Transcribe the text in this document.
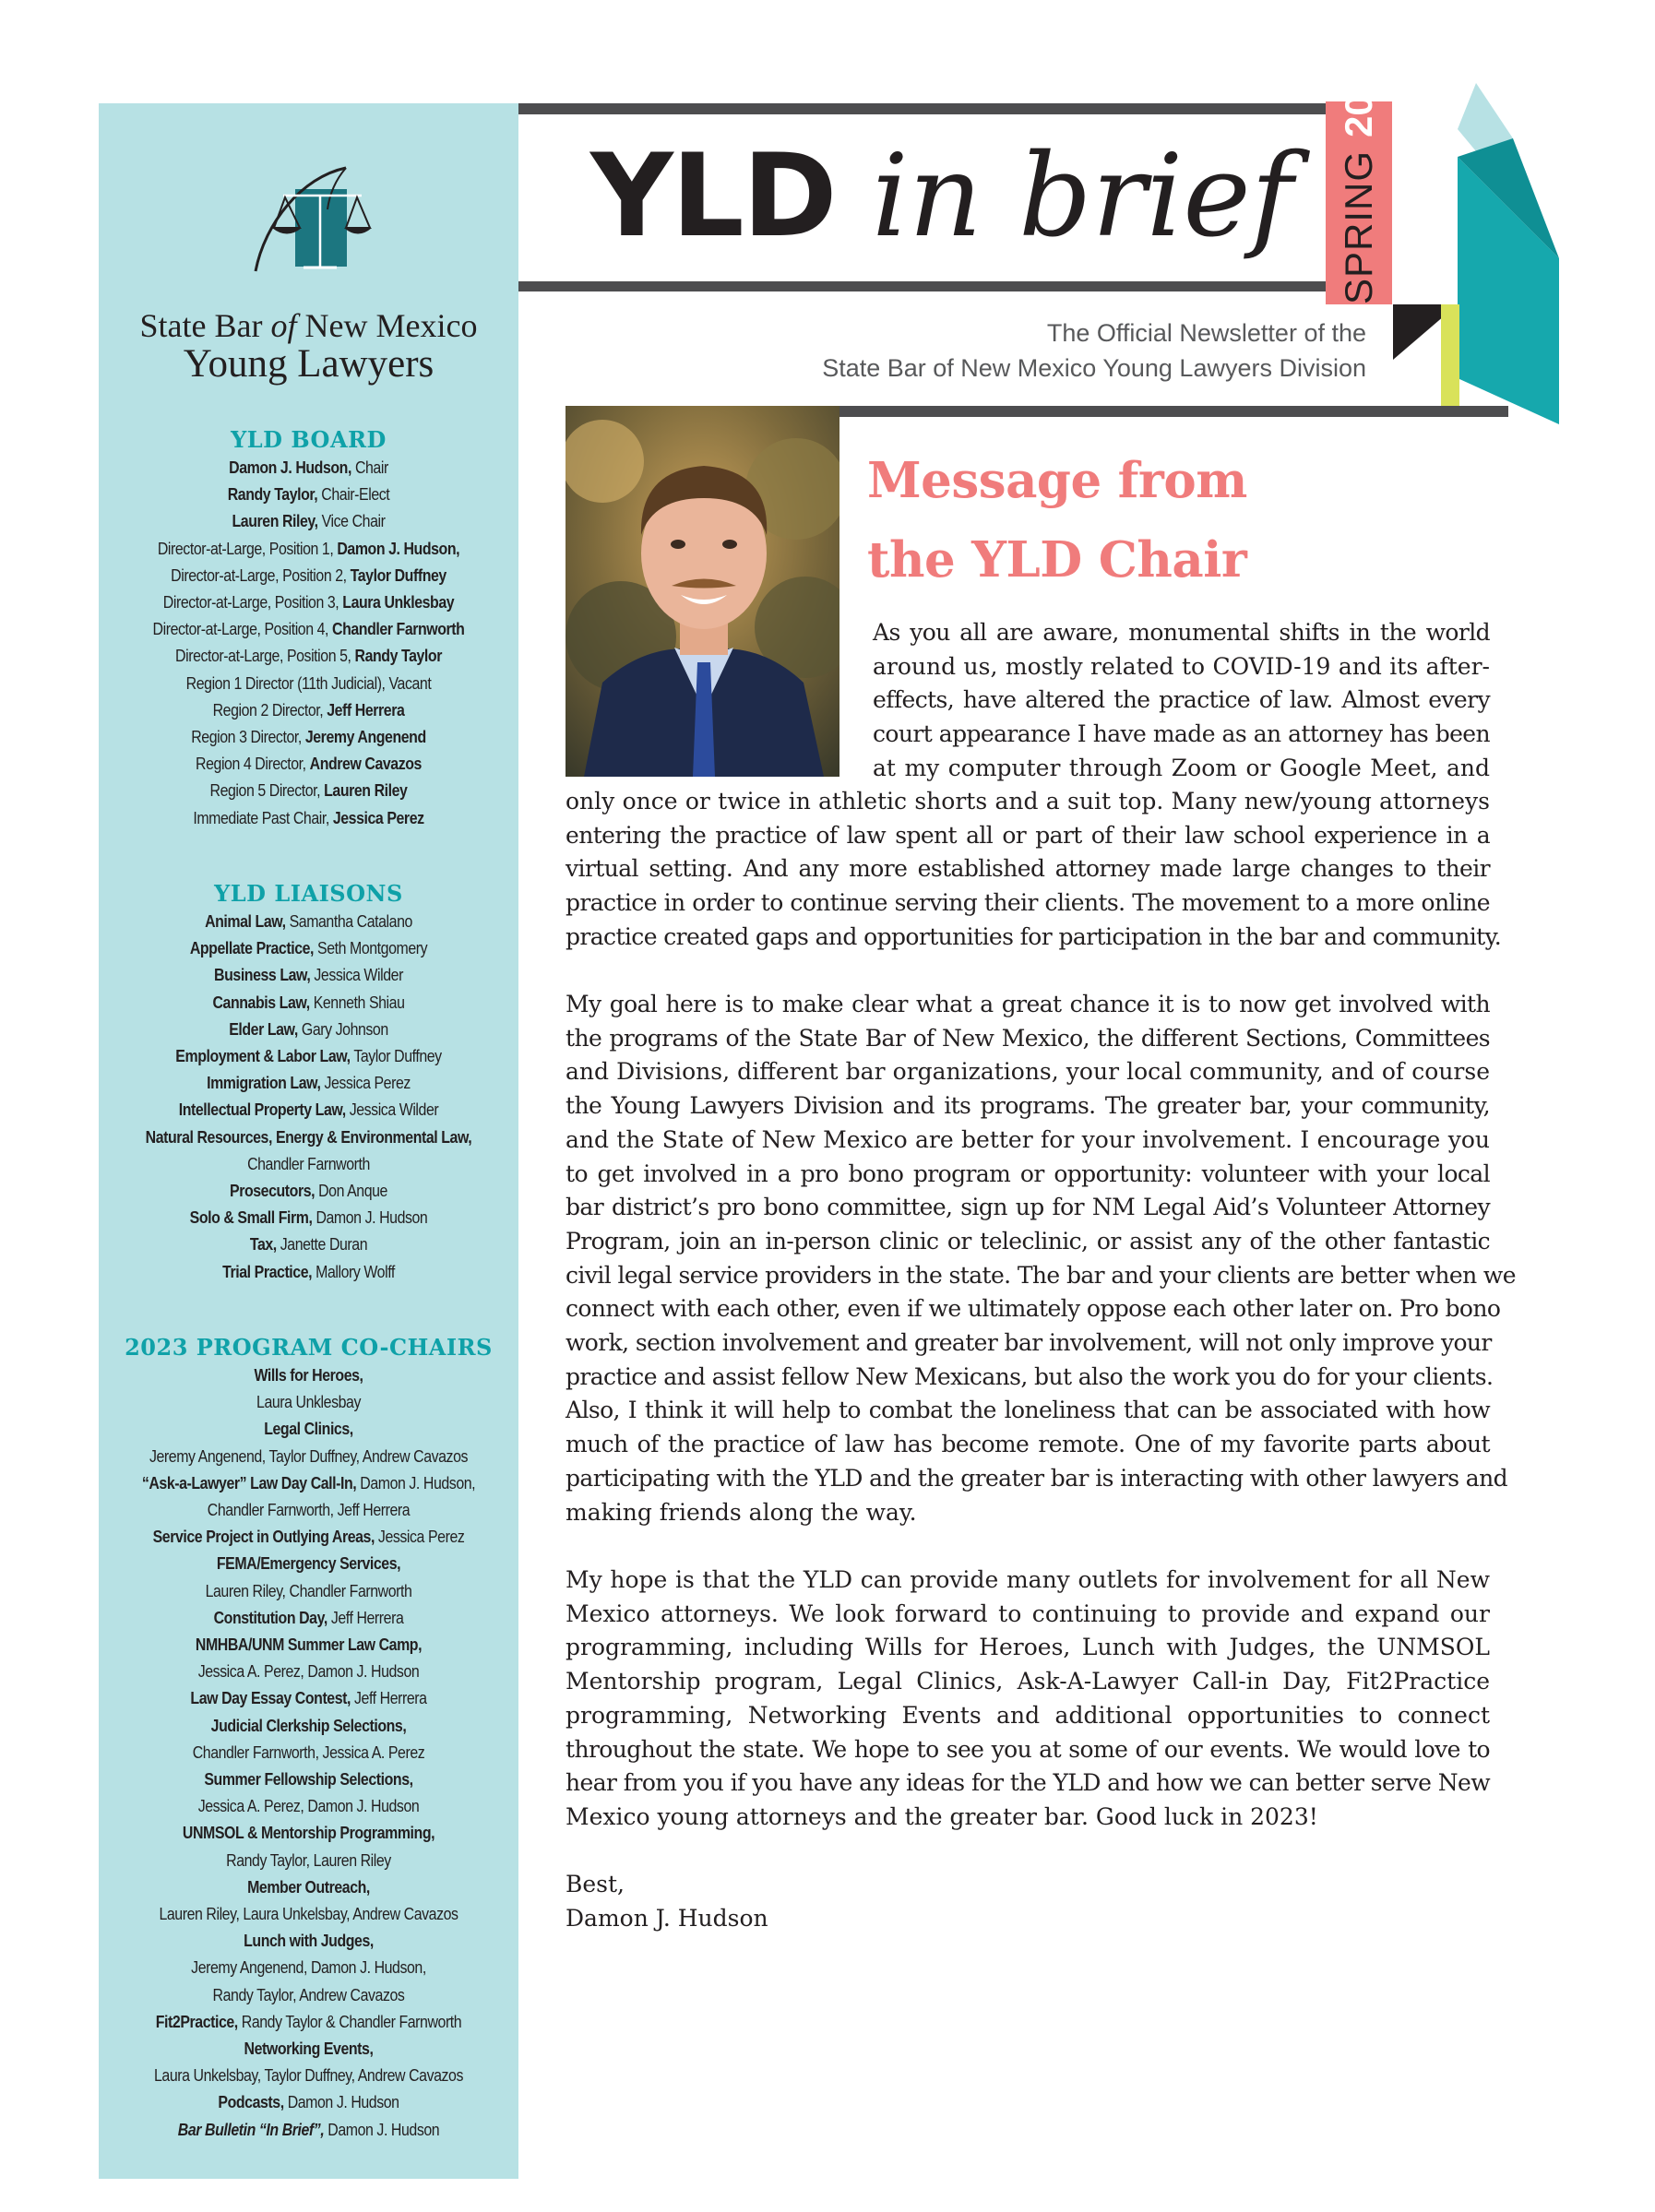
State Bar of New Mexico
Young Lawyers
YLD BOARD
Damon J. Hudson, Chair
Randy Taylor, Chair-Elect
Lauren Riley, Vice Chair
Director-at-Large, Position 1, Damon J. Hudson,
Director-at-Large, Position 2, Taylor Duffney
Director-at-Large, Position 3, Laura Unklesbay
Director-at-Large, Position 4, Chandler Farnworth
Director-at-Large, Position 5, Randy Taylor
Region 1 Director (11th Judicial), Vacant
Region 2 Director, Jeff Herrera
Region 3 Director, Jeremy Angenend
Region 4 Director, Andrew Cavazos
Region 5 Director, Lauren Riley
Immediate Past Chair, Jessica Perez
YLD LIAISONS
Animal Law, Samantha Catalano
Appellate Practice, Seth Montgomery
Business Law, Jessica Wilder
Cannabis Law, Kenneth Shiau
Elder Law, Gary Johnson
Employment & Labor Law, Taylor Duffney
Immigration Law, Jessica Perez
Intellectual Property Law, Jessica Wilder
Natural Resources, Energy & Environmental Law,
Chandler Farnworth
Prosecutors, Don Anque
Solo & Small Firm, Damon J. Hudson
Tax, Janette Duran
Trial Practice, Mallory Wolff
2023 PROGRAM CO-CHAIRS
Wills for Heroes,
Laura Unklesbay
Legal Clinics,
Jeremy Angenend, Taylor Duffney, Andrew Cavazos
“Ask-a-Lawyer” Law Day Call-In, Damon J. Hudson,
Chandler Farnworth, Jeff Herrera
Service Project in Outlying Areas, Jessica Perez
FEMA/Emergency Services,
Lauren Riley, Chandler Farnworth
Constitution Day, Jeff Herrera
NMHBA/UNM Summer Law Camp,
Jessica A. Perez, Damon J. Hudson
Law Day Essay Contest, Jeff Herrera
Judicial Clerkship Selections,
Chandler Farnworth, Jessica A. Perez
Summer Fellowship Selections,
Jessica A. Perez, Damon J. Hudson
UNMSOL & Mentorship Programming,
Randy Taylor, Lauren Riley
Member Outreach,
Lauren Riley, Laura Unkelsbay, Andrew Cavazos
Lunch with Judges,
Jeremy Angenend, Damon J. Hudson,
Randy Taylor, Andrew Cavazos
Fit2Practice, Randy Taylor & Chandler Farnworth
Networking Events,
Laura Unkelsbay, Taylor Duffney, Andrew Cavazos
Podcasts, Damon J. Hudson
Bar Bulletin “In Brief”, Damon J. Hudson
YLD in brief SPRING2023
The Official Newsletter of the
State Bar of New Mexico Young Lawyers Division
Message from
the YLD Chair
As you all are aware, monumental shifts in the world
around us, mostly related to COVID-19 and its after-
effects, have altered the practice of law. Almost every
court appearance I have made as an attorney has been
at my computer through Zoom or Google Meet, and
only once or twice in athletic shorts and a suit top. Many new/young attorneys
entering the practice of law spent all or part of their law school experience in a
virtual setting. And any more established attorney made large changes to their
practice in order to continue serving their clients. The movement to a more online
practice created gaps and opportunities for participation in the bar and community.
My goal here is to make clear what a great chance it is to now get involved with
the programs of the State Bar of New Mexico, the different Sections, Committees
and Divisions, different bar organizations, your local community, and of course
the Young Lawyers Division and its programs. The greater bar, your community,
and the State of New Mexico are better for your involvement. I encourage you
to get involved in a pro bono program or opportunity: volunteer with your local
bar district’s pro bono committee, sign up for NM Legal Aid’s Volunteer Attorney
Program, join an in-person clinic or teleclinic, or assist any of the other fantastic
civil legal service providers in the state. The bar and your clients are better when we
connect with each other, even if we ultimately oppose each other later on. Pro bono
work, section involvement and greater bar involvement, will not only improve your
practice and assist fellow New Mexicans, but also the work you do for your clients.
Also, I think it will help to combat the loneliness that can be associated with how
much of the practice of law has become remote. One of my favorite parts about
participating with the YLD and the greater bar is interacting with other lawyers and
making friends along the way.
My hope is that the YLD can provide many outlets for involvement for all New
Mexico attorneys. We look forward to continuing to provide and expand our
programming, including Wills for Heroes, Lunch with Judges, the UNMSOL
Mentorship program, Legal Clinics, Ask-A-Lawyer Call-in Day, Fit2Practice
programming, Networking Events and additional opportunities to connect
throughout the state. We hope to see you at some of our events. We would love to
hear from you if you have any ideas for the YLD and how we can better serve New
Mexico young attorneys and the greater bar. Good luck in 2023!
Best,
Damon J. Hudson
